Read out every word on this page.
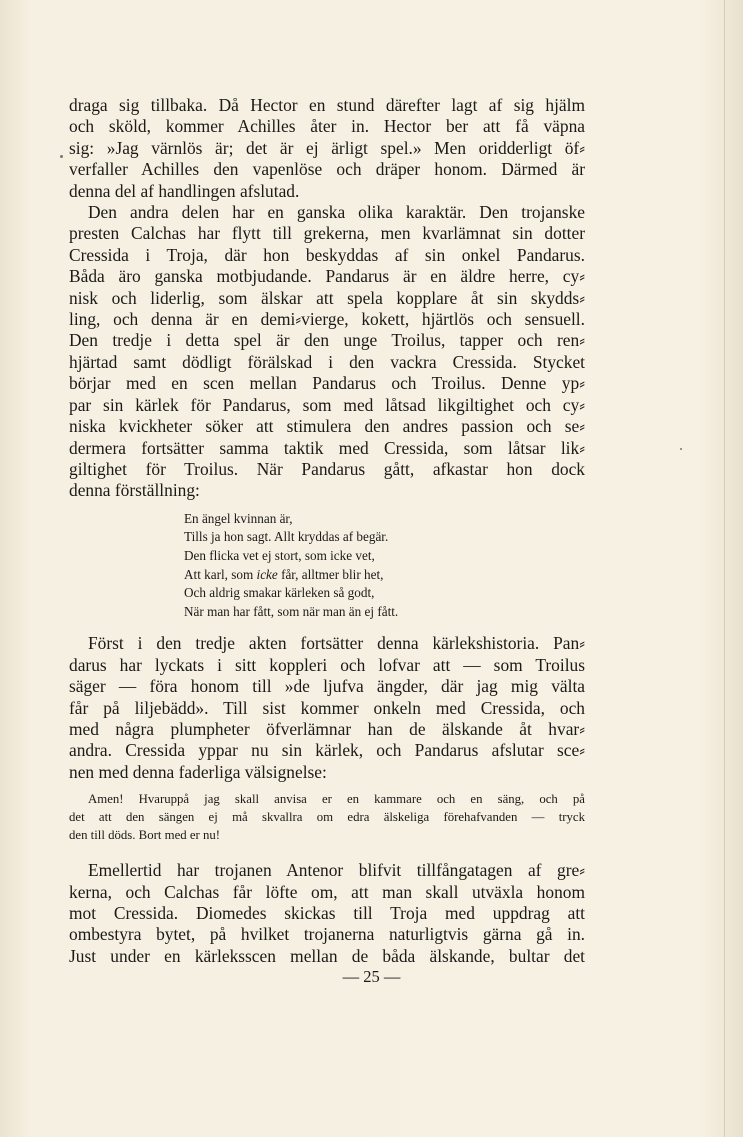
draga sig tillbaka. Då Hector en stund därefter lagt af sig hjälm
och sköld, kommer Achilles åter in. Hector ber att få väpna
sig: »Jag värnlös är; det är ej ärligt spel.» Men oridderligt öf⸗
verfaller Achilles den vapenlöse och dräper honom. Därmed är
denna del af handlingen afslutad.

Den andra delen har en ganska olika karaktär. Den trojanske
presten Calchas har flytt till grekerna, men kvarlämnat sin dotter
Cressida i Troja, där hon beskyddas af sin onkel Pandarus.
Båda äro ganska motbjudande. Pandarus är en äldre herre, cy⸗
nisk och liderlig, som älskar att spela kopplare åt sin skydds⸗
ling, och denna är en demi⸗vierge, kokett, hjärtlös och sensuell.
Den tredje i detta spel är den unge Troilus, tapper och ren⸗
hjärtad samt dödligt förälskad i den vackra Cressida. Stycket
börjar med en scen mellan Pandarus och Troilus. Denne yp⸗
par sin kärlek för Pandarus, som med låtsad likgiltighet och cy⸗
niska kvickheter söker att stimulera den andres passion och se⸗
dermera fortsätter samma taktik med Cressida, som låtsar lik⸗
giltighet för Troilus. När Pandarus gått, afkastar hon dock
denna förställning:

En ängel kvinnan är,
Tills ja hon sagt. Allt kryddas af begär.
Den flicka vet ej stort, som icke vet,
Att karl, som icke får, alltmer blir het,
Och aldrig smakar kärleken så godt,
När man har fått, som när man än ej fått.

Först i den tredje akten fortsätter denna kärlekshistoria. Pan⸗
darus har lyckats i sitt koppleri och lofvar att — som Troilus
säger — föra honom till »de ljufva ängder, där jag mig välta
får på liljebädd». Till sist kommer onkeln med Cressida, och
med några plumpheter öfverlämnar han de älskande åt hvar⸗
andra. Cressida yppar nu sin kärlek, och Pandarus afslutar sce⸗
nen med denna faderliga välsignelse:

Amen! Hvaruppå jag skall anvisa er en kammare och en säng, och på
det att den sängen ej må skvallra om edra älskeliga förehafvanden — tryck
den till döds. Bort med er nu!

Emellertid har trojanen Antenor blifvit tillfångatagen af gre⸗
kerna, och Calchas får löfte om, att man skall utväxla honom
mot Cressida. Diomedes skickas till Troja med uppdrag att
ombestyra bytet, på hvilket trojanerna naturligtvis gärna gå in.
Just under en kärleksscen mellan de båda älskande, bultar det

— 25 —
